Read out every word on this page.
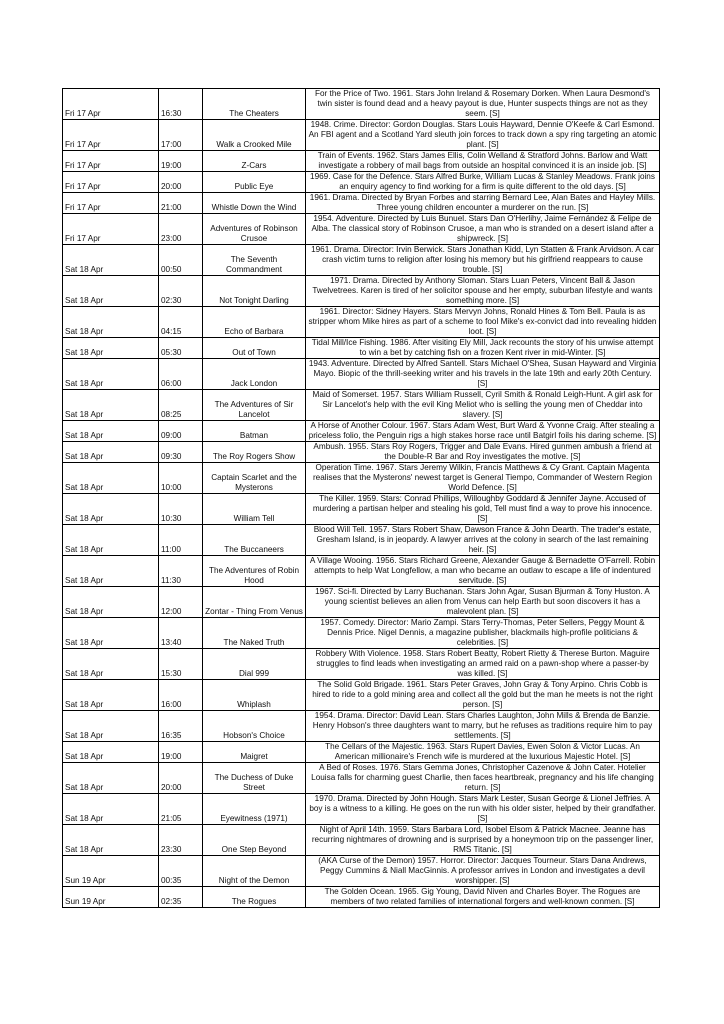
Fri 17 Apr	16:30	The Cheaters	For the Price of Two. 1961. Stars John Ireland & Rosemary Dorken. When Laura Desmond's twin sister is found dead and a heavy payout is due, Hunter suspects things are not as they seem. [S]
Fri 17 Apr	17:00	Walk a Crooked Mile	1948. Crime. Director: Gordon Douglas. Stars Louis Hayward, Dennie O'Keefe & Carl Esmond. An FBI agent and a Scotland Yard sleuth join forces to track down a spy ring targeting an atomic plant. [S]
Fri 17 Apr	19:00	Z-Cars	Train of Events. 1962. Stars James Ellis, Colin Welland & Stratford Johns. Barlow and Watt investigate a robbery of mail bags from outside an hospital convinced it is an inside job. [S]
Fri 17 Apr	20:00	Public Eye	1969. Case for the Defence. Stars Alfred Burke, William Lucas & Stanley Meadows. Frank joins an enquiry agency to find working for a firm is quite different to the old days. [S]
Fri 17 Apr	21:00	Whistle Down the Wind	1961. Drama. Directed by Bryan Forbes and starring Bernard Lee, Alan Bates and Hayley Mills. Three young children encounter a murderer on the run. [S]
Fri 17 Apr	23:00	Adventures of Robinson Crusoe	1954. Adventure. Directed by Luis Bunuel. Stars Dan O'Herlihy, Jaime Fernández & Felipe de Alba. The classical story of Robinson Crusoe, a man who is stranded on a desert island after a shipwreck. [S]
Sat 18 Apr	00:50	The Seventh Commandment	1961. Drama. Director: Irvin Berwick. Stars Jonathan Kidd, Lyn Statten & Frank Arvidson. A car crash victim turns to religion after losing his memory but his girlfriend reappears to cause trouble. [S]
Sat 18 Apr	02:30	Not Tonight Darling	1971. Drama. Directed by Anthony Sloman. Stars Luan Peters, Vincent Ball & Jason Twelvetrees. Karen is tired of her solicitor spouse and her empty, suburban lifestyle and wants something more. [S]
Sat 18 Apr	04:15	Echo of Barbara	1961. Director: Sidney Hayers. Stars Mervyn Johns, Ronald Hines & Tom Bell. Paula is as stripper whom Mike hires as part of a scheme to fool Mike's ex-convict dad into revealing hidden loot. [S]
Sat 18 Apr	05:30	Out of Town	Tidal Mill/Ice Fishing. 1986. After visiting Ely Mill, Jack recounts the story of his unwise attempt to win a bet by catching fish on a frozen Kent river in mid-Winter. [S]
Sat 18 Apr	06:00	Jack London	1943. Adventure. Directed by Alfred Santell. Stars Michael O'Shea, Susan Hayward and Virginia Mayo. Biopic of the thrill-seeking writer and his travels in the late 19th and early 20th Century. [S]
Sat 18 Apr	08:25	The Adventures of Sir Lancelot	Maid of Somerset. 1957. Stars William Russell, Cyril Smith & Ronald Leigh-Hunt. A girl ask for Sir Lancelot's help with the evil King Meliot who is selling the young men of Cheddar into slavery. [S]
Sat 18 Apr	09:00	Batman	A Horse of Another Colour. 1967. Stars Adam West, Burt Ward & Yvonne Craig. After stealing a priceless folio, the Penguin rigs a high stakes horse race until Batgirl foils his daring scheme. [S]
Sat 18 Apr	09:30	The Roy Rogers Show	Ambush. 1955. Stars Roy Rogers, Trigger and Dale Evans. Hired gunmen ambush a friend at the Double-R Bar and Roy investigates the motive. [S]
Sat 18 Apr	10:00	Captain Scarlet and the Mysterons	Operation Time. 1967. Stars Jeremy Wilkin, Francis Matthews & Cy Grant. Captain Magenta realises that the Mysterons' newest target is General Tiempo, Commander of Western Region World Defence. [S]
Sat 18 Apr	10:30	William Tell	The Killer. 1959. Stars: Conrad Phillips, Willoughby Goddard & Jennifer Jayne. Accused of murdering a partisan helper and stealing his gold, Tell must find a way to prove his innocence. [S]
Sat 18 Apr	11:00	The Buccaneers	Blood Will Tell. 1957. Stars Robert Shaw, Dawson France & John Dearth. The trader's estate, Gresham Island, is in jeopardy. A lawyer arrives at the colony in search of the last remaining heir. [S]
Sat 18 Apr	11:30	The Adventures of Robin Hood	A Village Wooing. 1956. Stars Richard Greene, Alexander Gauge & Bernadette O'Farrell. Robin attempts to help Wat Longfellow, a man who became an outlaw to escape a life of indentured servitude. [S]
Sat 18 Apr	12:00	Zontar - Thing From Venus	1967. Sci-fi. Directed by Larry Buchanan. Stars John Agar, Susan Bjurman & Tony Huston. A young scientist believes an alien from Venus can help Earth but soon discovers it has a malevolent plan. [S]
Sat 18 Apr	13:40	The Naked Truth	1957. Comedy. Director: Mario Zampi. Stars Terry-Thomas, Peter Sellers, Peggy Mount & Dennis Price. Nigel Dennis, a magazine publisher, blackmails high-profile politicians & celebrities. [S]
Sat 18 Apr	15:30	Dial 999	Robbery With Violence. 1958. Stars Robert Beatty, Robert Rietty & Therese Burton. Maguire struggles to find leads when investigating an armed raid on a pawn-shop where a passer-by was killed. [S]
Sat 18 Apr	16:00	Whiplash	The Solid Gold Brigade. 1961. Stars Peter Graves, John Gray & Tony Arpino. Chris Cobb is hired to ride to a gold mining area and collect all the gold but the man he meets is not the right person. [S]
Sat 18 Apr	16:35	Hobson's Choice	1954. Drama. Director: David Lean. Stars Charles Laughton, John Mills & Brenda de Banzie. Henry Hobson's three daughters want to marry, but he refuses as traditions require him to pay settlements. [S]
Sat 18 Apr	19:00	Maigret	The Cellars of the Majestic. 1963. Stars Rupert Davies, Ewen Solon & Victor Lucas. An American millionaire's French wife is murdered at the luxurious Majestic Hotel. [S]
Sat 18 Apr	20:00	The Duchess of Duke Street	A Bed of Roses. 1976. Stars Gemma Jones, Christopher Cazenove & John Cater. Hotelier Louisa falls for charming guest Charlie, then faces heartbreak, pregnancy and his life changing return. [S]
Sat 18 Apr	21:05	Eyewitness (1971)	1970. Drama. Directed by John Hough. Stars Mark Lester, Susan George & Lionel Jeffries. A boy is a witness to a killing. He goes on the run with his older sister, helped by their grandfather. [S]
Sat 18 Apr	23:30	One Step Beyond	Night of April 14th. 1959. Stars Barbara Lord, Isobel Elsom & Patrick Macnee. Jeanne has recurring nightmares of drowning and is surprised by a honeymoon trip on the passenger liner, RMS Titanic. [S]
Sun 19 Apr	00:35	Night of the Demon	(AKA Curse of the Demon) 1957. Horror. Director: Jacques Tourneur. Stars Dana Andrews, Peggy Cummins & Niall MacGinnis. A professor arrives in London and investigates a devil worshipper. [S]
Sun 19 Apr	02:35	The Rogues	The Golden Ocean. 1965. Gig Young, David Niven and Charles Boyer. The Rogues are members of two related families of international forgers and well-known conmen. [S]
